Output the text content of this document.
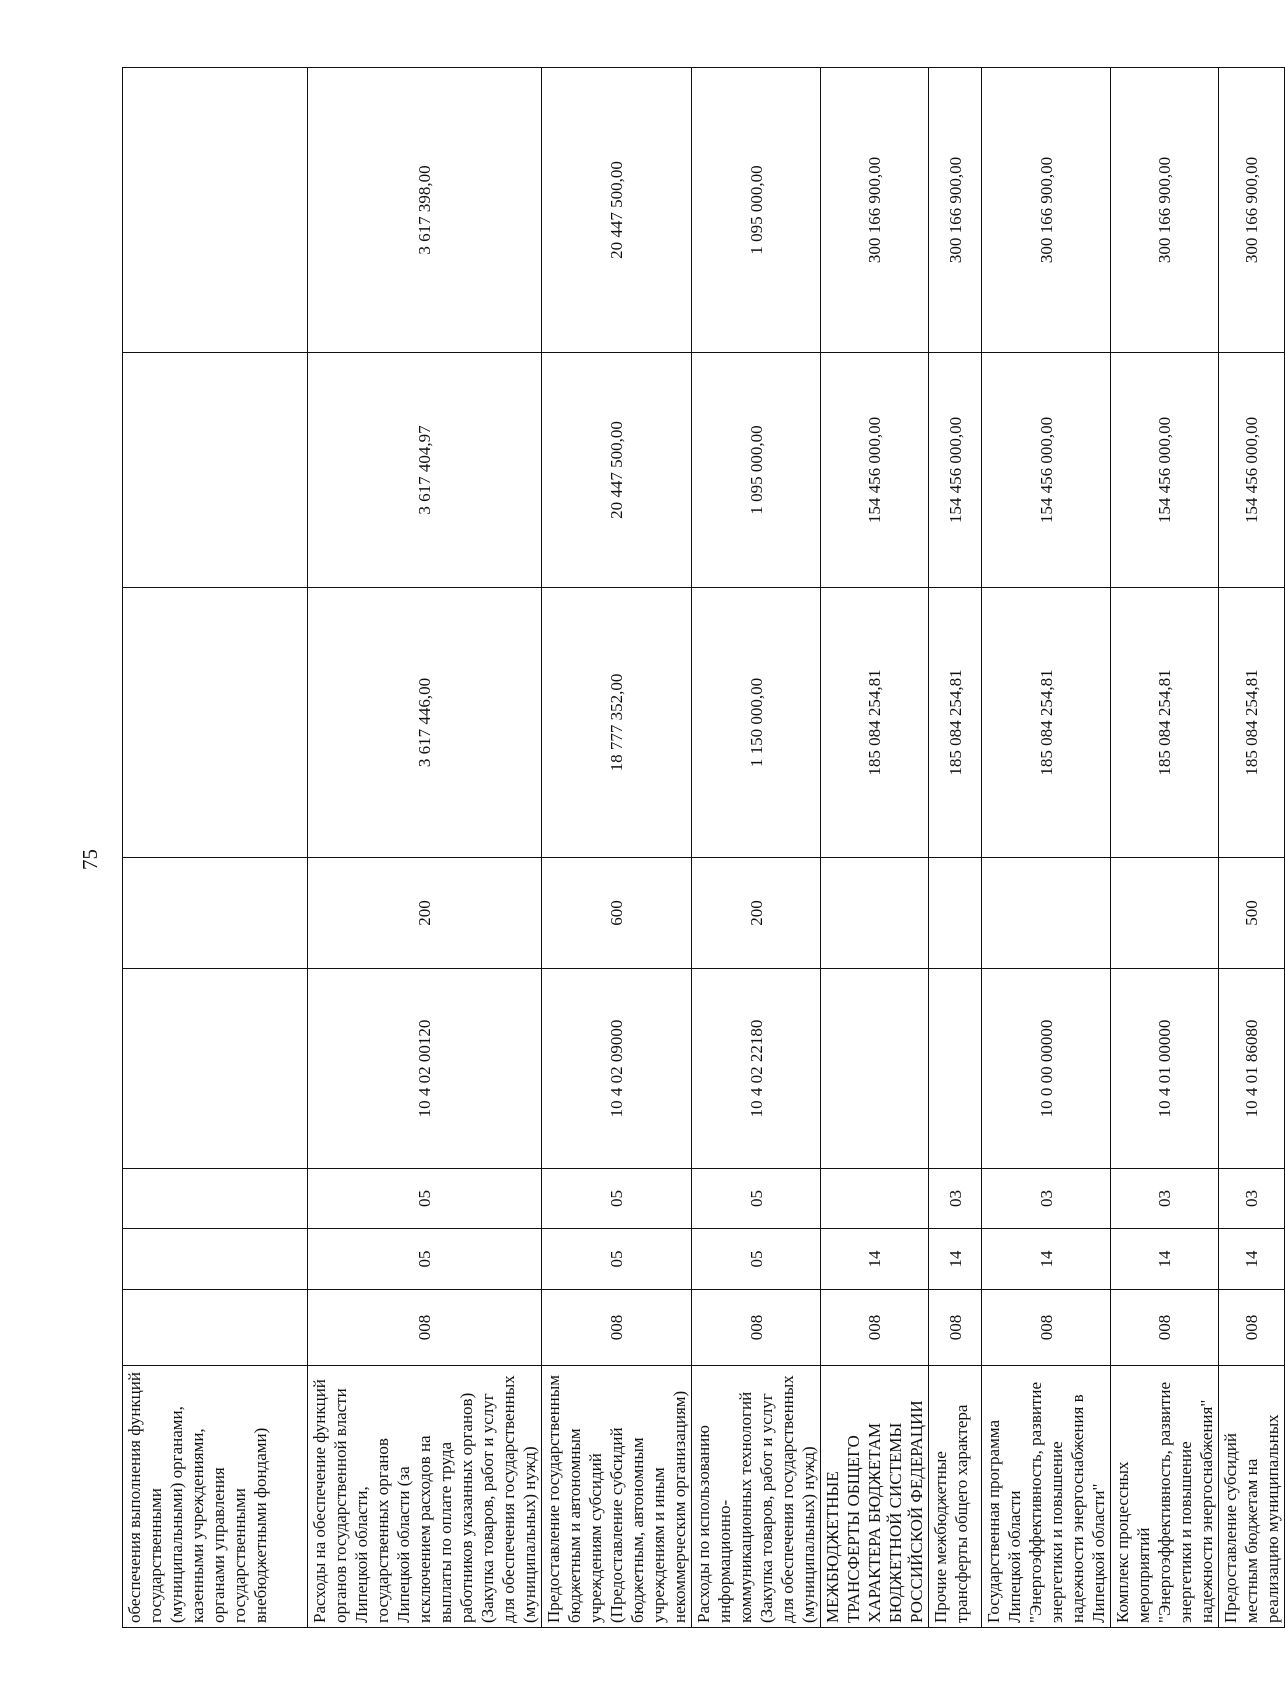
75
обеспечения выполнения функций государственными (муниципальными) органами, казенными учреждениями, органами управления государственными внебюджетными фондами)								
Расходы на обеспечение функций органов государственной власти Липецкой области, государственных органов Липецкой области (за исключением расходов на выплаты по оплате труда работников указанных органов) (Закупка товаров, работ и услуг для обеспечения государственных (муниципальных) нужд)	008	05	05	10 4 02 00120	200	3 617 446,00	3 617 404,97	3 617 398,00
Предоставление государственным бюджетным и автономным учреждениям субсидий (Предоставление субсидий бюджетным, автономным учреждениям и иным некоммерческим организациям)	008	05	05	10 4 02 09000	600	18 777 352,00	20 447 500,00	20 447 500,00
Расходы по использованию информационно-коммуникационных технологий (Закупка товаров, работ и услуг для обеспечения государственных (муниципальных) нужд)	008	05	05	10 4 02 22180	200	1 150 000,00	1 095 000,00	1 095 000,00
МЕЖБЮДЖЕТНЫЕ ТРАНСФЕРТЫ ОБЩЕГО ХАРАКТЕРА БЮДЖЕТАМ БЮДЖЕТНОЙ СИСТЕМЫ РОССИЙСКОЙ ФЕДЕРАЦИИ	008	14				185 084 254,81	154 456 000,00	300 166 900,00
Прочие межбюджетные трансферты общего характера	008	14	03			185 084 254,81	154 456 000,00	300 166 900,00
Государственная программа Липецкой области "Энергоэффективность, развитие энергетики и повышение надежности энергоснабжения в Липецкой области"	008	14	03	10 0 00 00000		185 084 254,81	154 456 000,00	300 166 900,00
Комплекс процессных мероприятий "Энергоэффективность, развитие энергетики и повышение надежности энергоснабжения"	008	14	03	10 4 01 00000		185 084 254,81	154 456 000,00	300 166 900,00
Предоставление субсидий местным бюджетам на реализацию муниципальных	008	14	03	10 4 01 86080	500	185 084 254,81	154 456 000,00	300 166 900,00
